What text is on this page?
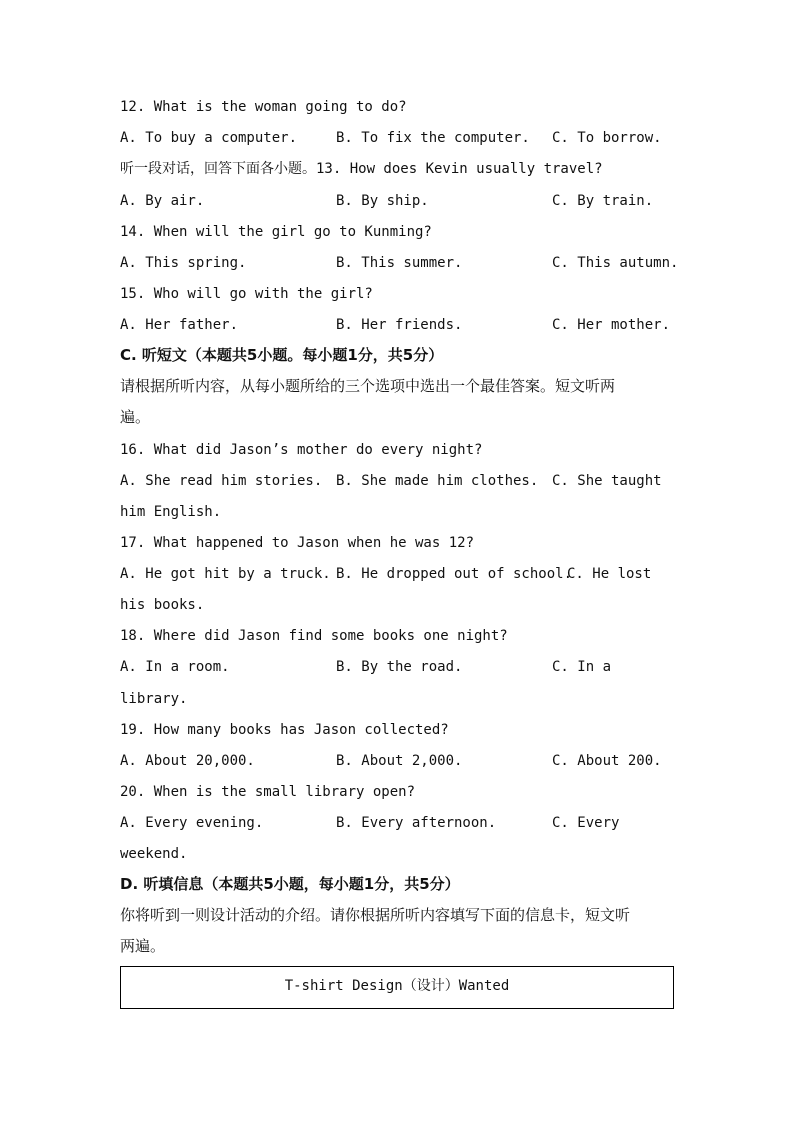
12. What is the woman going to do?
A. To buy a computer.	B. To fix the computer. C. To borrow.
听一段对话，回答下面各小题。13. How does Kevin usually travel?
A. By air.	B. By ship.	C. By train.
14. When will the girl go to Kunming?
A. This spring.	B. This summer.	C. This autumn.
15. Who will go with the girl?
A. Her father.	B. Her friends.	C. Her mother.
C. 听短文（本题共5小题。每小题1分，共5分）
请根据所听内容，从每小题所给的三个选项中选出一个最佳答案。短文听两
遍。
16. What did Jason’s mother do every night?
A. She read him stories. B. She made him clothes. C. She taught
him English.
17. What happened to Jason when he was 12?
A. He got hit by a truck. B. He dropped out of school.
C. He lost
his books.
18. Where did Jason find some books one night?
A. In a room.	B. By the road.	C. In a
library.
19. How many books has Jason collected?
A. About 20,000.	B. About 2,000.	C. About 200.
20. When is the small library open?
A. Every evening.	B. Every afternoon.	C. Every
weekend.
D. 听填信息（本题共5小题，每小题1分，共5分）
你将听到一则设计活动的介绍。请你根据所听内容填写下面的信息卡，短文听
两遍。
T-shirt Design（设计）Wanted
